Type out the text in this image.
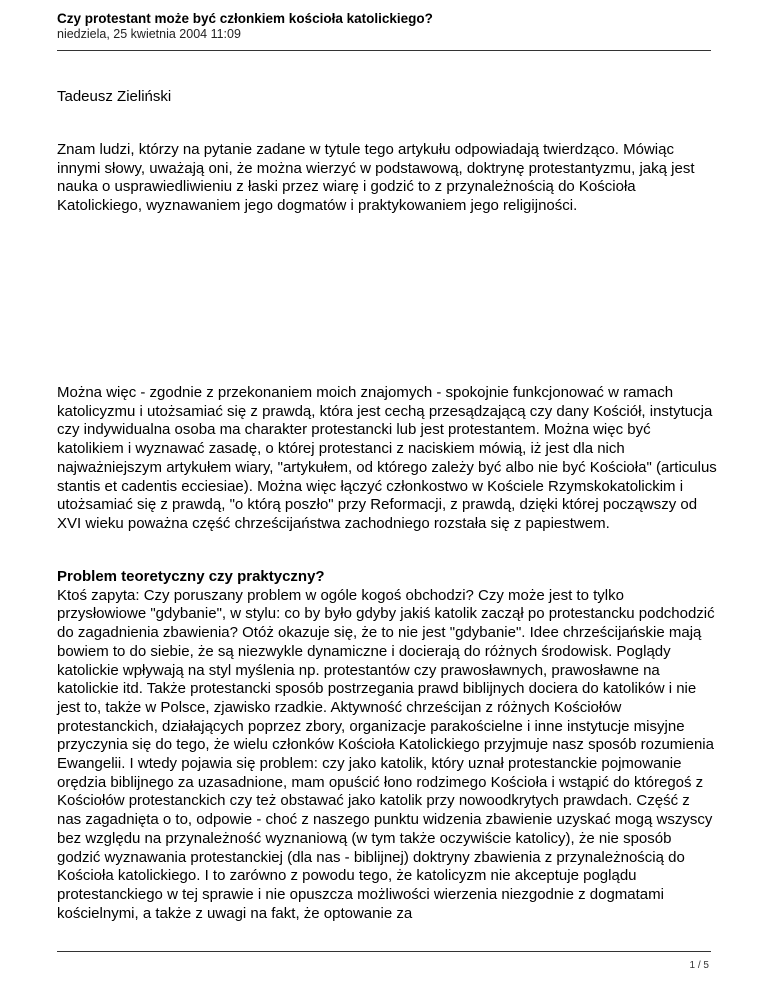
Czy protestant może być członkiem kościoła katolickiego?
niedziela, 25 kwietnia 2004 11:09
Tadeusz Zieliński

Znam ludzi, którzy na pytanie zadane w tytule tego artykułu odpowiadają twierdząco. Mówiąc innymi słowy, uważają oni, że można wierzyć w podstawową, doktrynę protestantyzmu, jaką jest nauka o usprawiedliwieniu z łaski przez wiarę i godzić to z przynależnością do Kościoła Katolickiego, wyznawaniem jego dogmatów i praktykowaniem jego religijności.

Można więc - zgodnie z przekonaniem moich znajomych - spokojnie funkcjonować w ramach katolicyzmu i utożsamiać się z prawdą, która jest cechą przesądzającą czy dany Kościół, instytucja czy indywidualna osoba ma charakter protestancki lub jest protestantem. Można więc być katolikiem i wyznawać zasadę, o której protestanci z naciskiem mówią, iż jest dla nich najważniejszym artykułem wiary, "artykułem, od którego zależy być albo nie być Kościoła" (articulus stantis et cadentis ecciesiae). Można więc łączyć członkostwo w Kościele Rzymskokatolickim i utożsamiać się z prawdą, "o którą poszło" przy Reformacji, z prawdą, dzięki której począwszy od XVI wieku poważna część chrześcijaństwa zachodniego rozstała się z papiestwem.

Problem teoretyczny czy praktyczny?

Ktoś zapyta: Czy poruszany problem w ogóle kogoś obchodzi? Czy może jest to tylko przysłowiowe "gdybanie", w stylu: co by było gdyby jakiś katolik zaczął po protestancku podchodzić do zagadnienia zbawienia? Otóż okazuje się, że to nie jest "gdybanie". Idee chrześcijańskie mają bowiem to do siebie, że są niezwykle dynamiczne i docierają do różnych środowisk. Poglądy katolickie wpływają na styl myślenia np. protestantów czy prawosławnych, prawosławne na katolickie itd. Także protestancki sposób postrzegania prawd biblijnych dociera do katolików i nie jest to, także w Polsce, zjawisko rzadkie. Aktywność chrześcijan z różnych Kościołów protestanckich, działających poprzez zbory, organizacje parakościelne i inne instytucje misyjne przyczynia się do tego, że wielu członków Kościoła Katolickiego przyjmuje nasz sposób rozumienia Ewangelii. I wtedy pojawia się problem: czy jako katolik, który uznał protestanckie pojmowanie orędzia biblijnego za uzasadnione, mam opuścić łono rodzimego Kościoła i wstąpić do któregoś z Kościołów protestanckich czy też obstawać jako katolik przy nowoodkrytych prawdach. Część z nas zagadnięta o to, odpowie - choć z naszego punktu widzenia zbawienie uzyskać mogą wszyscy bez względu na przynależność wyznaniową (w tym także oczywiście katolicy), że nie sposób godzić wyznawania protestanckiej (dla nas - biblijnej) doktryny zbawienia z przynależnością do Kościoła katolickiego. I to zarówno z powodu tego, że katolicyzm nie akceptuje poglądu protestanckiego w tej sprawie i nie opuszcza możliwości wierzenia niezgodnie z dogmatami kościelnymi, a także z uwagi na fakt, że optowanie za

1 / 5
